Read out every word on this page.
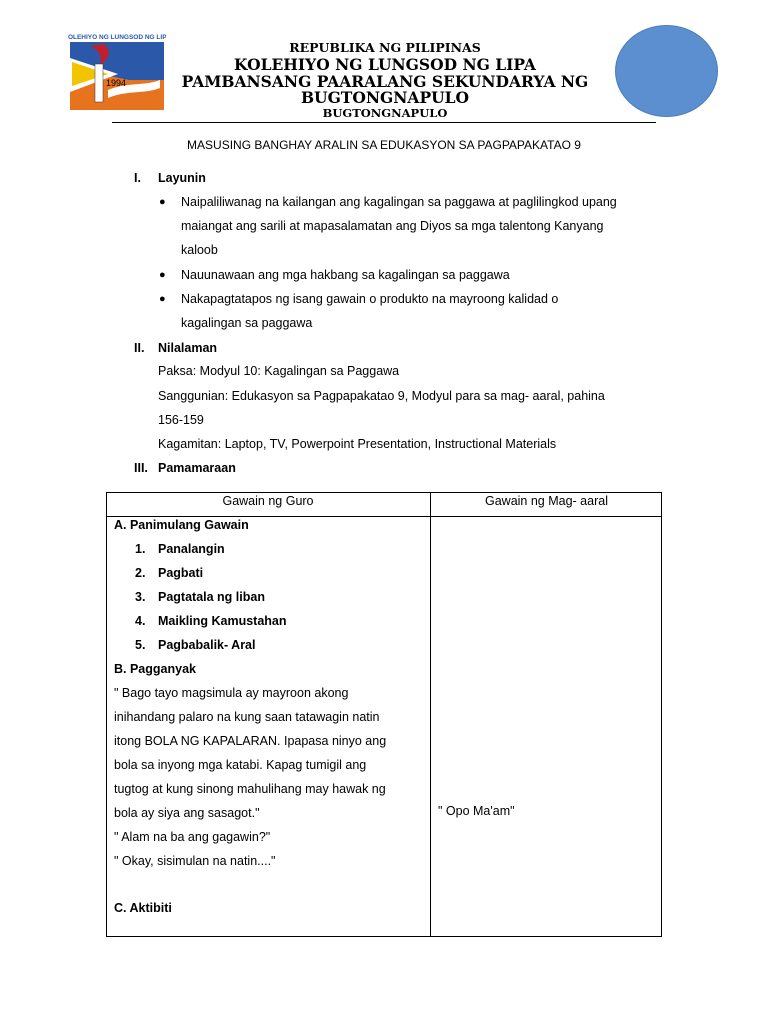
KOLEHIYO NG LUNGSOD NG LIPA
1994
REPUBLIKA NG PILIPINAS
KOLEHIYO NG LUNGSOD NG LIPA
PAMBANSANG PAARALANG SEKUNDARYA NG
BUGTONGNAPULO
BUGTONGNAPULO
MASUSING BANGHAY ARALIN SA EDUKASYON SA PAGPAPAKATAO 9
I. Layunin
● Naipaliliwanag na kailangan ang kagalingan sa paggawa at paglilingkod upang
maiangat ang sarili at mapasalamatan ang Diyos sa mga talentong Kanyang
kaloob
● Nauunawaan ang mga hakbang sa kagalingan sa paggawa
● Nakapagtatapos ng isang gawain o produkto na mayroong kalidad o
kagalingan sa paggawa
II. Nilalaman
Paksa: Modyul 10: Kagalingan sa Paggawa
Sanggunian: Edukasyon sa Pagpapakatao 9, Modyul para sa mag- aaral, pahina
156-159
Kagamitan: Laptop, TV, Powerpoint Presentation, Instructional Materials
III. Pamamaraan
Gawain ng Guro	Gawain ng Mag- aaral
A. Panimulang Gawain
1. Panalangin
2. Pagbati
3. Pagtatala ng liban
4. Maikling Kamustahan
5. Pagbabalik- Aral
B. Pagganyak
" Bago tayo magsimula ay mayroon akong
inihandang palaro na kung saan tatawagin natin
itong BOLA NG KAPALARAN. Ipapasa ninyo ang
bola sa inyong mga katabi. Kapag tumigil ang
tugtog at kung sinong mahulihang may hawak ng
bola ay siya ang sasagot."
" Alam na ba ang gagawin?"
" Okay, sisimulan na natin...."
C. Aktibiti
" Opo Ma'am"
